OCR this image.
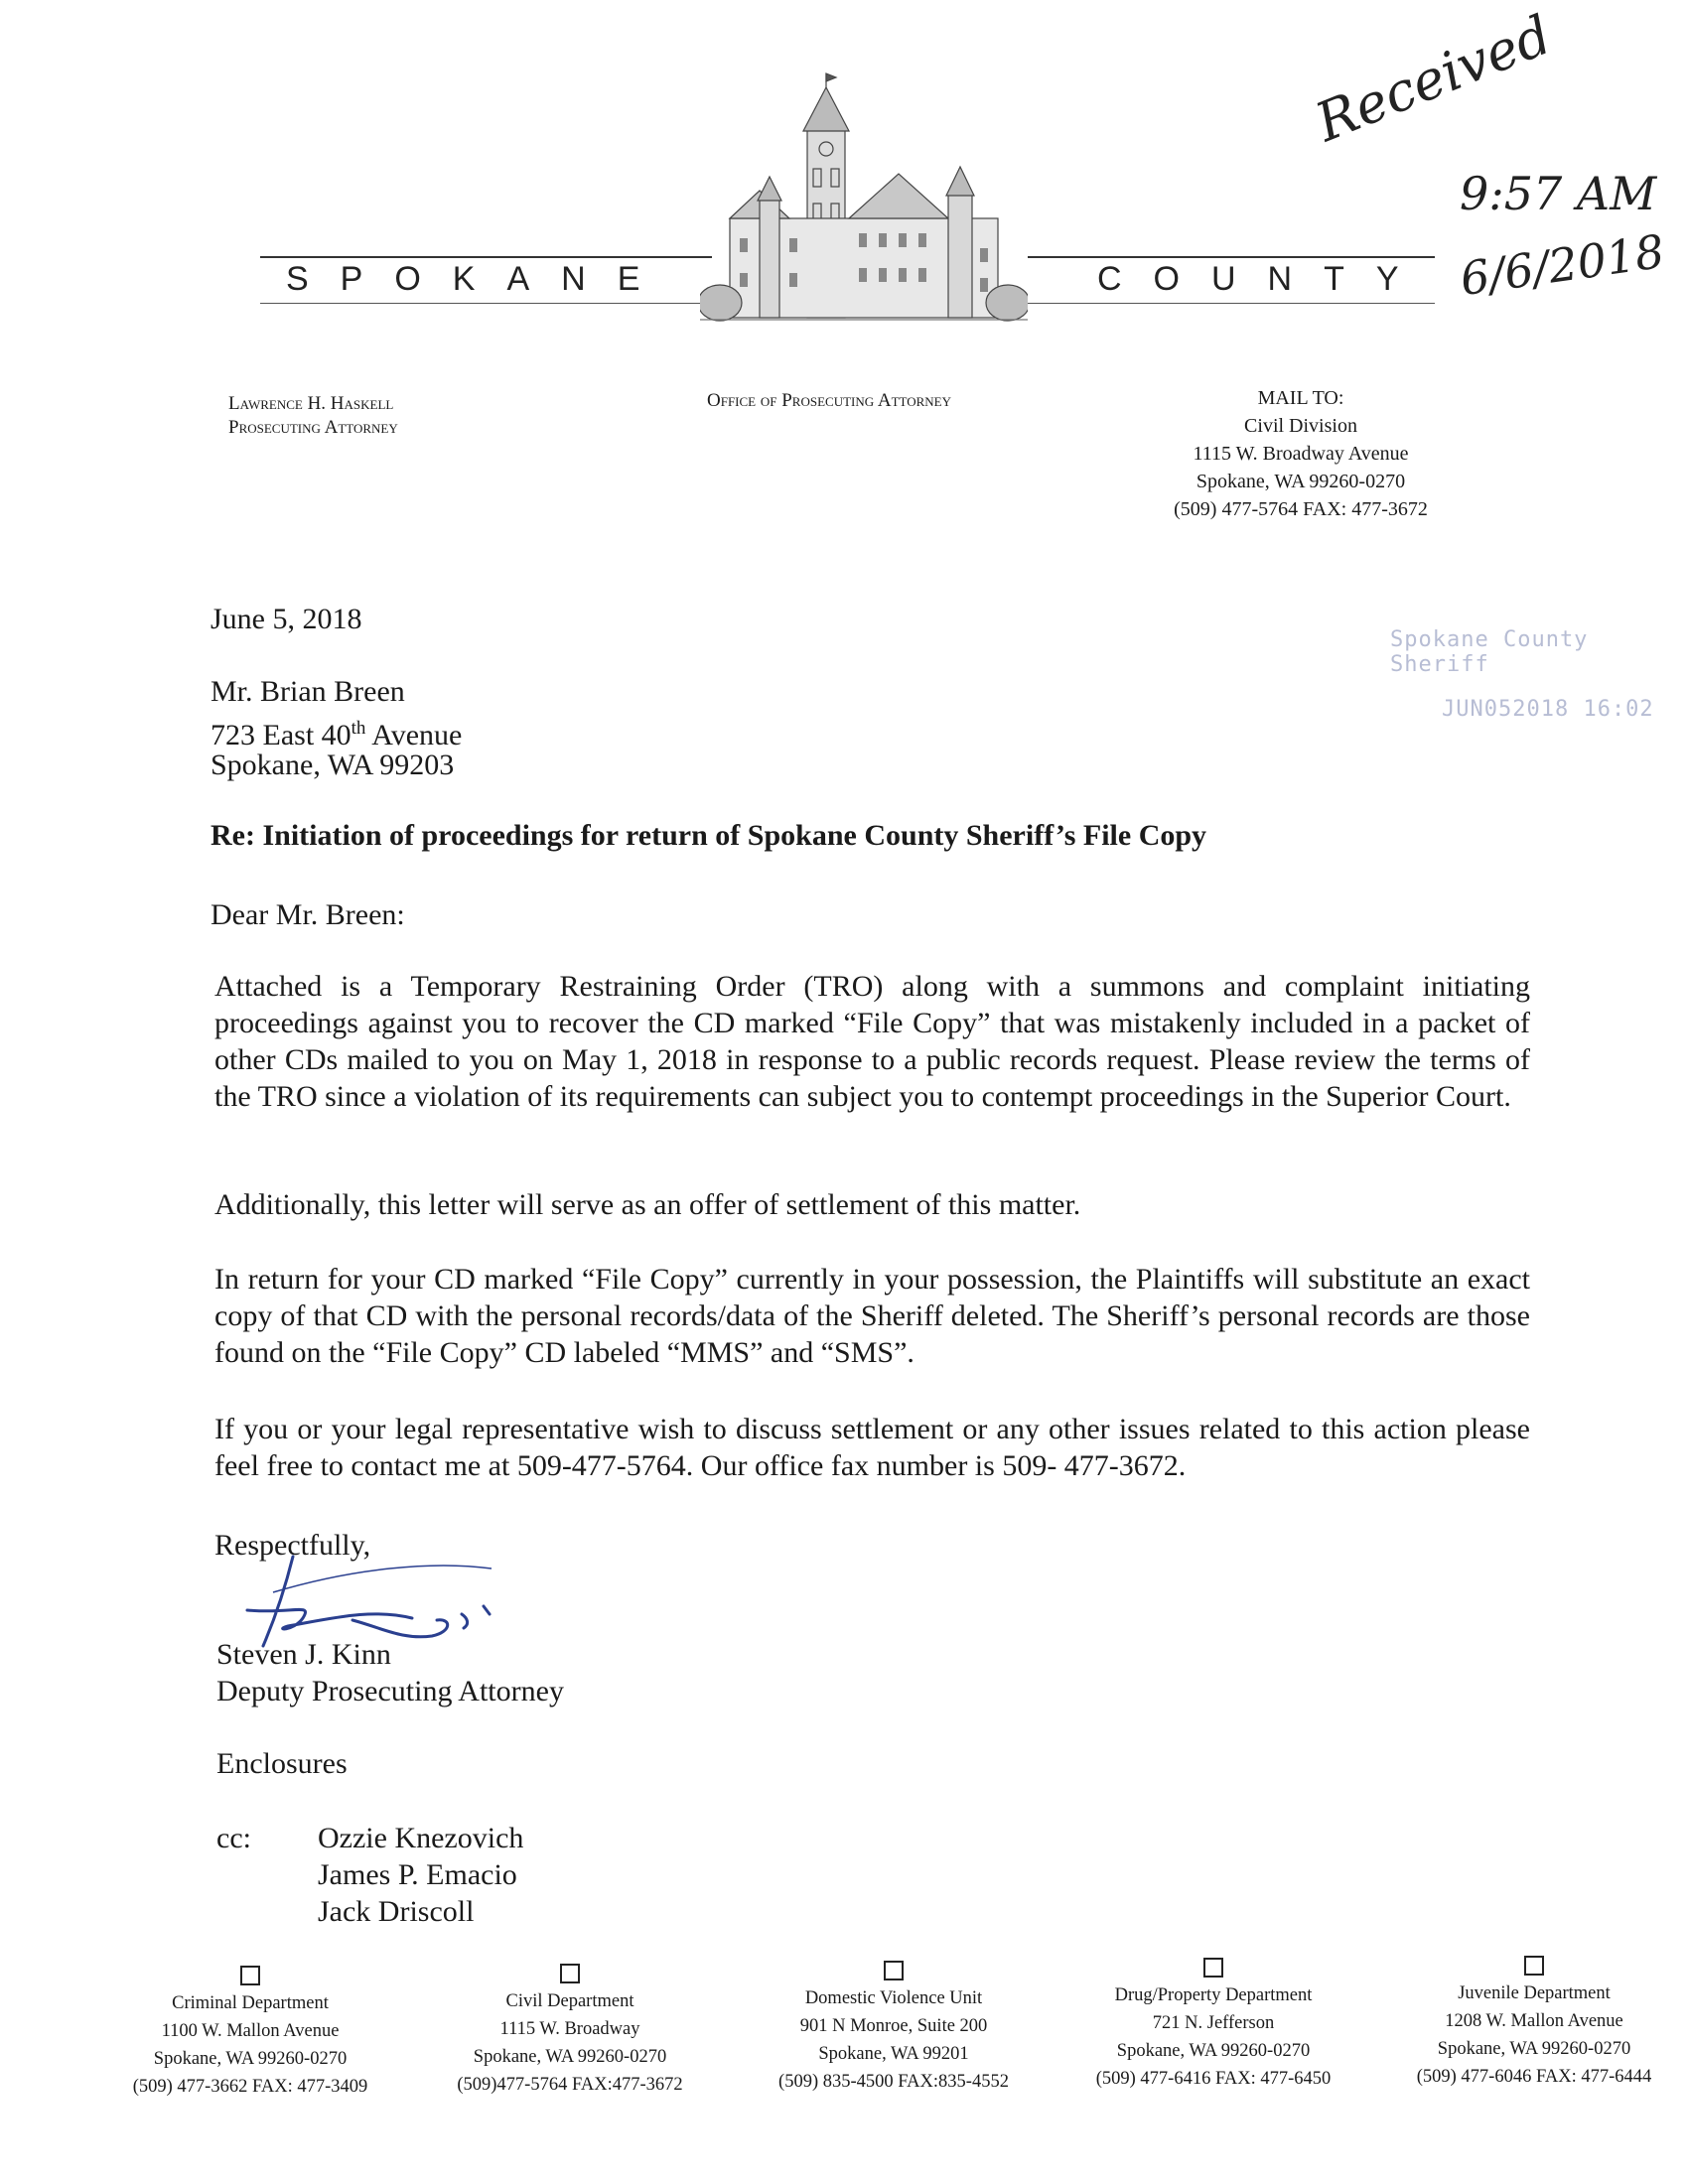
SPOKANE	COUNTY
Received
9:57 AM
6/6/2018
Lawrence H. Haskell
Prosecuting Attorney
Office of Prosecuting Attorney	MAIL TO:
Civil Division
1115 W. Broadway Avenue
Spokane, WA 99260-0270
(509) 477-5764 FAX: 477-3672
Spokane County Sheriff
JUN052018 16:02
June 5, 2018
Mr. Brian Breen
723 East 40th Avenue
Spokane, WA 99203
Re: Initiation of proceedings for return of Spokane County Sheriff’s File Copy
Dear Mr. Breen:
Attached is a Temporary Restraining Order (TRO) along with a summons and complaint initiating proceedings against you to recover the CD marked “File Copy” that was mistakenly included in a packet of other CDs mailed to you on May 1, 2018 in response to a public records request. Please review the terms of the TRO since a violation of its requirements can subject you to contempt proceedings in the Superior Court.
Additionally, this letter will serve as an offer of settlement of this matter.
In return for your CD marked “File Copy” currently in your possession, the Plaintiffs will substitute an exact copy of that CD with the personal records/data of the Sheriff deleted. The Sheriff’s personal records are those found on the “File Copy” CD labeled “MMS” and “SMS”.
If you or your legal representative wish to discuss settlement or any other issues related to this action please feel free to contact me at 509-477-5764. Our office fax number is 509- 477-3672.
Respectfully,
Steven J. Kinn
Deputy Prosecuting Attorney
Enclosures
cc: Ozzie Knezovich
James P. Emacio
Jack Driscoll
Criminal Department
1100 W. Mallon Avenue
Spokane, WA 99260-0270
(509) 477-3662 FAX: 477-3409
Civil Department
1115 W. Broadway
Spokane, WA 99260-0270
(509)477-5764 FAX:477-3672
Domestic Violence Unit
901 N Monroe, Suite 200
Spokane, WA 99201
(509) 835-4500 FAX:835-4552
Drug/Property Department
721 N. Jefferson
Spokane, WA 99260-0270
(509) 477-6416 FAX: 477-6450
Juvenile Department
1208 W. Mallon Avenue
Spokane, WA 99260-0270
(509) 477-6046 FAX: 477-6444
